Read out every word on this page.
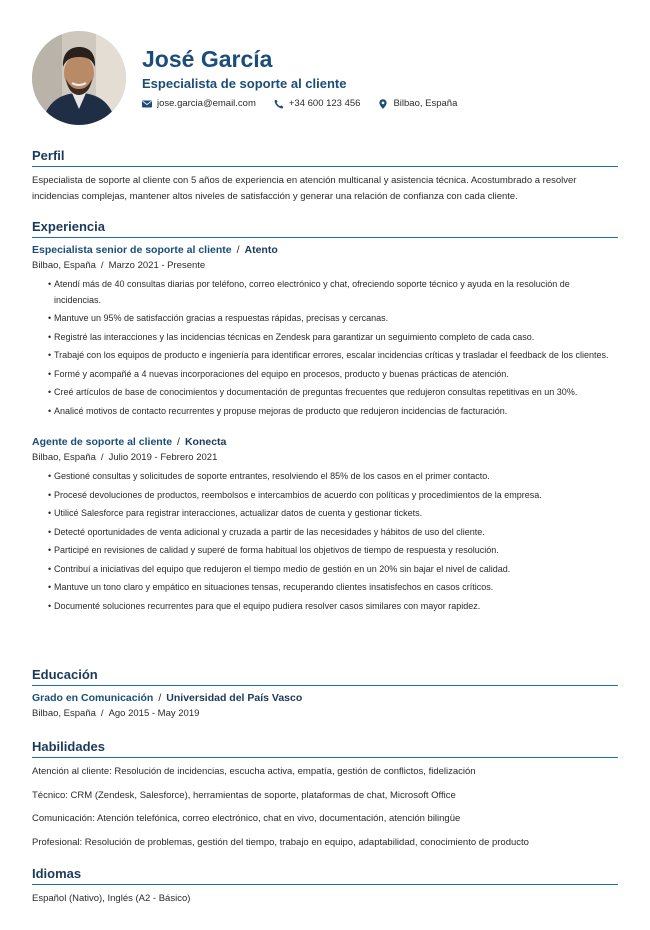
José García

Especialista de soporte al cliente

jose.garcia@email.com	+34 600 123 456	Bilbao, España
Perfil

Especialista de soporte al cliente con 5 años de experiencia en atención multicanal y asistencia técnica. Acostumbrado a resolver incidencias complejas, mantener altos niveles de satisfacción y generar una relación de confianza con cada cliente.

Experiencia

Especialista senior de soporte al cliente / Atento

Bilbao, España / Marzo 2021 - Presente

• Atendí más de 40 consultas diarias por teléfono, correo electrónico y chat, ofreciendo soporte técnico y ayuda en la resolución de incidencias.
• Mantuve un 95% de satisfacción gracias a respuestas rápidas, precisas y cercanas.
• Registré las interacciones y las incidencias técnicas en Zendesk para garantizar un seguimiento completo de cada caso.
• Trabajé con los equipos de producto e ingeniería para identificar errores, escalar incidencias críticas y trasladar el feedback de los clientes.
• Formé y acompañé a 4 nuevas incorporaciones del equipo en procesos, producto y buenas prácticas de atención.
• Creé artículos de base de conocimientos y documentación de preguntas frecuentes que redujeron consultas repetitivas en un 30%.
• Analicé motivos de contacto recurrentes y propuse mejoras de producto que redujeron incidencias de facturación.

Agente de soporte al cliente / Konecta

Bilbao, España / Julio 2019 - Febrero 2021

• Gestioné consultas y solicitudes de soporte entrantes, resolviendo el 85% de los casos en el primer contacto.
• Procesé devoluciones de productos, reembolsos e intercambios de acuerdo con políticas y procedimientos de la empresa.
• Utilicé Salesforce para registrar interacciones, actualizar datos de cuenta y gestionar tickets.
• Detecté oportunidades de venta adicional y cruzada a partir de las necesidades y hábitos de uso del cliente.
• Participé en revisiones de calidad y superé de forma habitual los objetivos de tiempo de respuesta y resolución.
• Contribuí a iniciativas del equipo que redujeron el tiempo medio de gestión en un 20% sin bajar el nivel de calidad.
• Mantuve un tono claro y empático en situaciones tensas, recuperando clientes insatisfechos en casos críticos.
• Documenté soluciones recurrentes para que el equipo pudiera resolver casos similares con mayor rapidez.
Educación

Grado en Comunicación / Universidad del País Vasco

Bilbao, España / Ago 2015 - May 2019

Habilidades

Atención al cliente: Resolución de incidencias, escucha activa, empatía, gestión de conflictos, fidelización

Técnico: CRM (Zendesk, Salesforce), herramientas de soporte, plataformas de chat, Microsoft Office

Comunicación: Atención telefónica, correo electrónico, chat en vivo, documentación, atención bilingüe

Profesional: Resolución de problemas, gestión del tiempo, trabajo en equipo, adaptabilidad, conocimiento de producto

Idiomas

Español (Nativo), Inglés (A2 - Básico)
